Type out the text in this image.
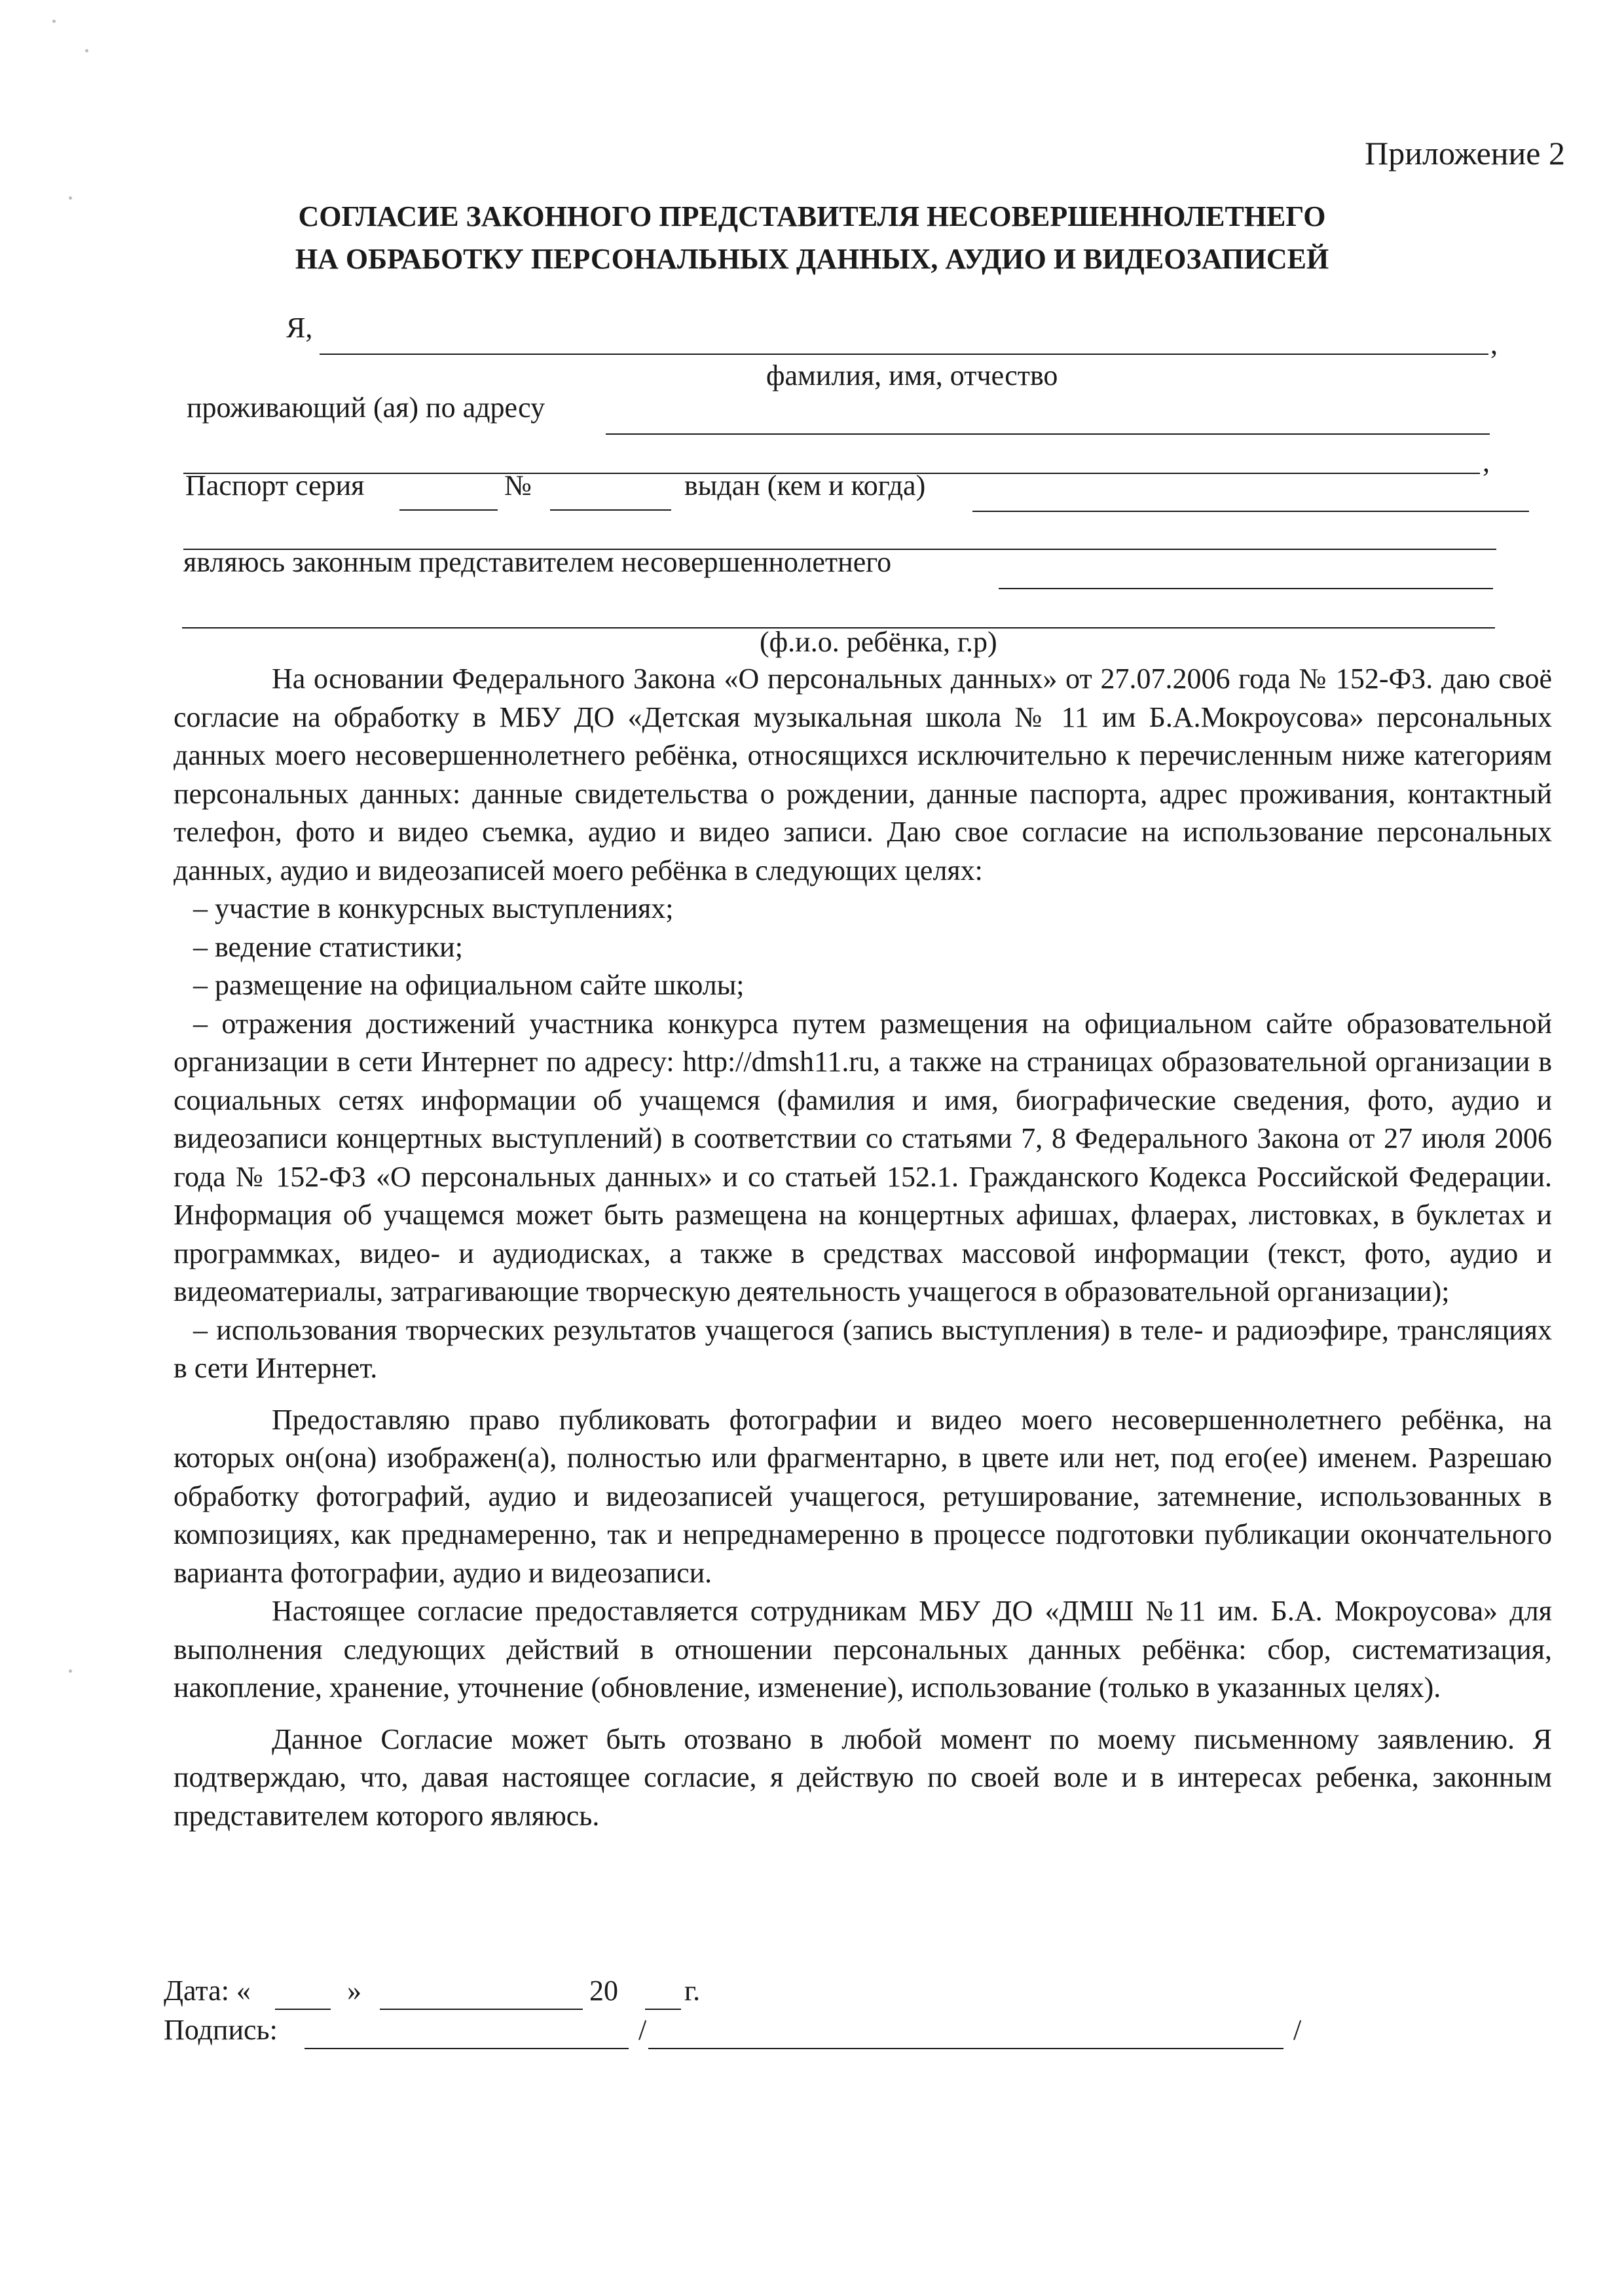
Приложение 2
СОГЛАСИЕ ЗАКОННОГО ПРЕДСТАВИТЕЛЯ НЕСОВЕРШЕННОЛЕТНЕГО
НА ОБРАБОТКУ ПЕРСОНАЛЬНЫХ ДАННЫХ, АУДИО И ВИДЕОЗАПИСЕЙ
Я,
,
фамилия, имя, отчество
проживающий (ая) по адресу
,
Паспорт серия	№	выдан (кем и когда)
являюсь законным представителем несовершеннолетнего
(ф.и.о. ребёнка, г.р)

На основании Федерального Закона «О персональных данных» от 27.07.2006 года № 152-ФЗ. даю своё согласие на обработку в МБУ ДО «Детская музыкальная школа № 11 им Б.А.Мокроусова» персональных данных моего несовершеннолетнего ребёнка, относящихся исключительно к перечисленным ниже категориям персональных данных: данные свидетельства о рождении, данные паспорта, адрес проживания, контактный телефон, фото и видео съемка, аудио и видео записи. Даю свое согласие на использование персональных данных, аудио и видеозаписей моего ребёнка в следующих целях:

– участие в конкурсных выступлениях;

– ведение статистики;

– размещение на официальном сайте школы;

– отражения достижений участника конкурса путем размещения на официальном сайте образовательной организации в сети Интернет по адресу: http://dmsh11.ru, а также на страницах образовательной организации в социальных сетях информации об учащемся (фамилия и имя, биографические сведения, фото, аудио и видеозаписи концертных выступлений) в соответствии со статьями 7, 8 Федерального Закона от 27 июля 2006 года № 152-ФЗ «О персональных данных» и со статьей 152.1. Гражданского Кодекса Российской Федерации. Информация об учащемся может быть размещена на концертных афишах, флаерах, листовках, в буклетах и программках, видео- и аудиодисках, а также в средствах массовой информации (текст, фото, аудио и видеоматериалы, затрагивающие творческую деятельность учащегося в образовательной организации);

– использования творческих результатов учащегося (запись выступления) в теле- и радиоэфире, трансляциях в сети Интернет.

Предоставляю право публиковать фотографии и видео моего несовершеннолетнего ребёнка, на которых он(она) изображен(а), полностью или фрагментарно, в цвете или нет, под его(ее) именем. Разрешаю обработку фотографий, аудио и видеозаписей учащегося, ретуширование, затемнение, использованных в композициях, как преднамеренно, так и непреднамеренно в процессе подготовки публикации окончательного варианта фотографии, аудио и видеозаписи.

Настоящее согласие предоставляется сотрудникам МБУ ДО «ДМШ №11 им. Б.А. Мокроусова» для выполнения следующих действий в отношении персональных данных ребёнка: сбор, систематизация, накопление, хранение, уточнение (обновление, изменение), использование (только в указанных целях).

Данное Согласие может быть отозвано в любой момент по моему письменному заявлению. Я подтверждаю, что, давая настоящее согласие, я действую по своей воле и в интересах ребенка, законным представителем которого являюсь.

Дата: «	»	20 г.
Подпись:	/	/
